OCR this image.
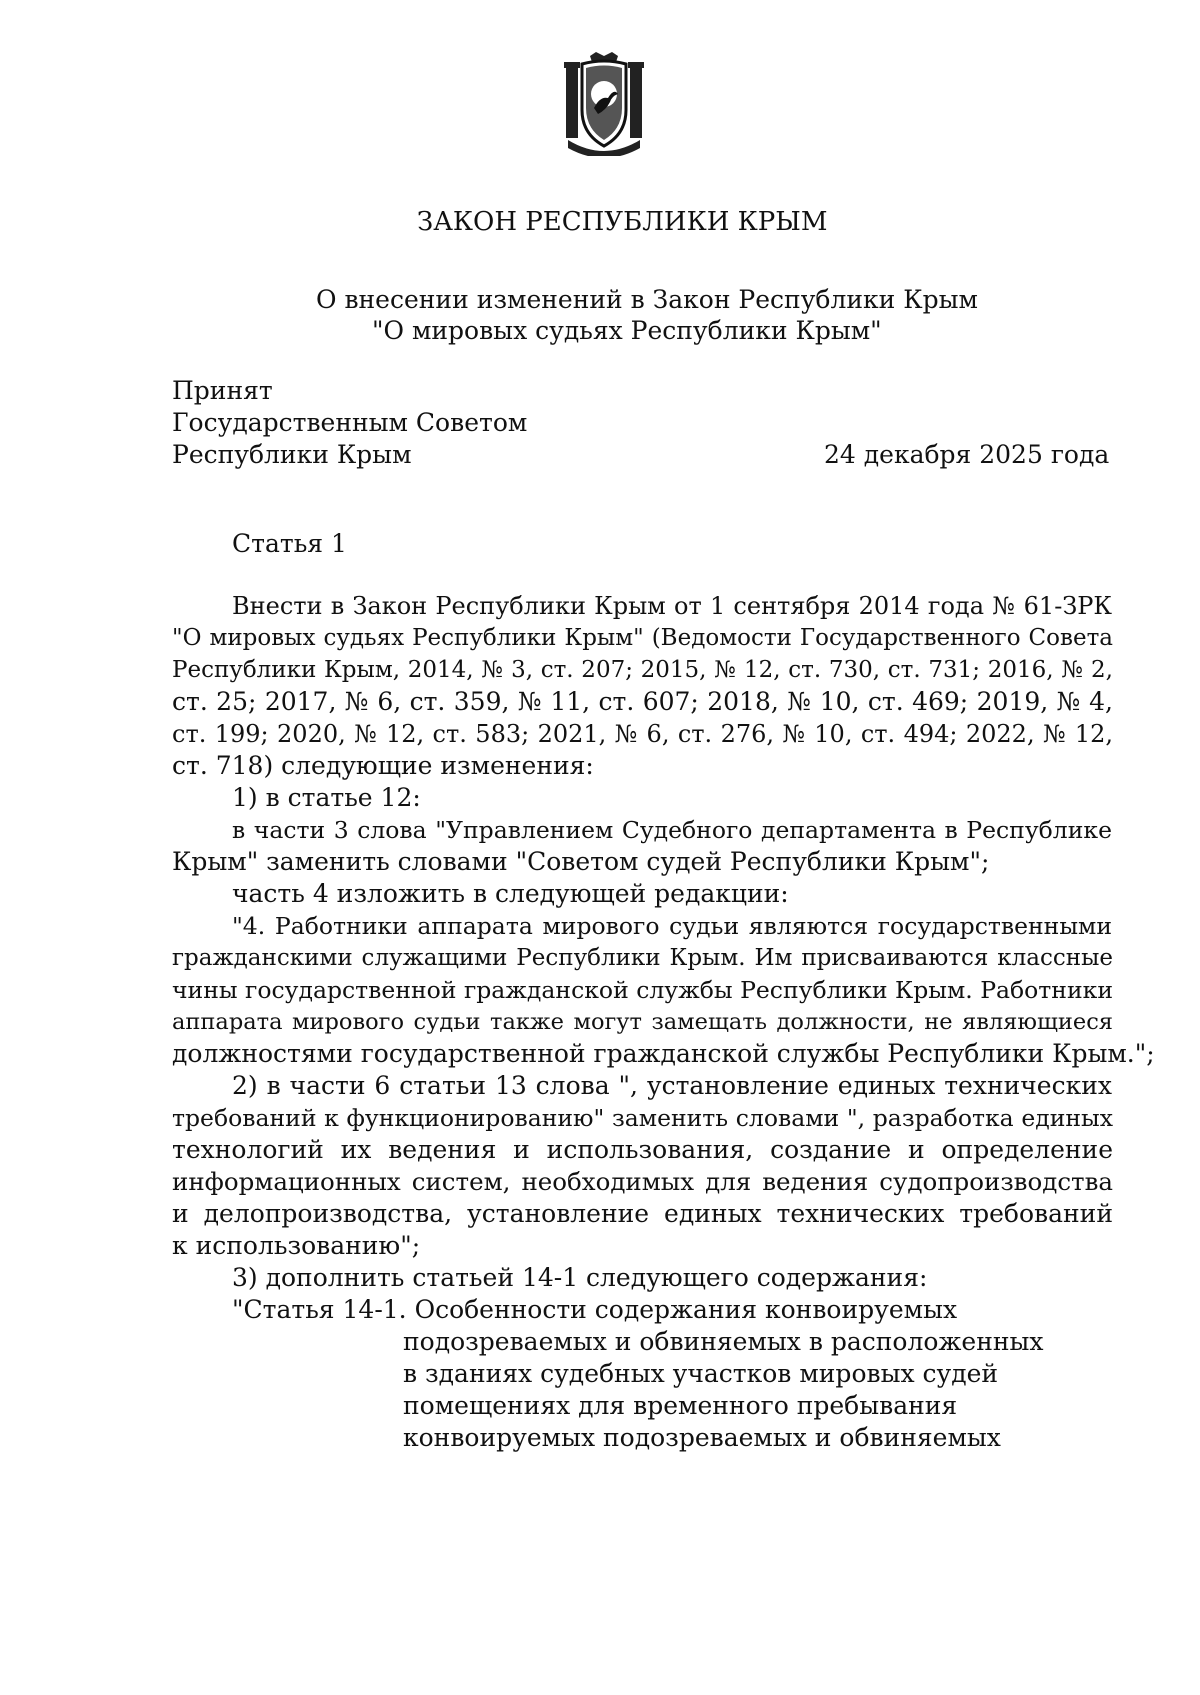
ЗАКОН РЕСПУБЛИКИ КРЫМ
О внесении изменений в Закон Республики Крым
"О мировых судьях Республики Крым"
Принят
Государственным Советом
Республики Крым	24 декабря 2025 года
Статья 1
Внести в Закон Республики Крым от 1 сентября 2014 года № 61-ЗРК
"О мировых судьях Республики Крым" (Ведомости Государственного Совета
Республики Крым, 2014, № 3, ст. 207; 2015, № 12, ст. 730, ст. 731; 2016, № 2,
ст. 25; 2017, № 6, ст. 359, № 11, ст. 607; 2018, № 10, ст. 469; 2019, № 4,
ст. 199; 2020, № 12, ст. 583; 2021, № 6, ст. 276, № 10, ст. 494; 2022, № 12,
ст. 718) следующие изменения:
1) в статье 12:
в части 3 слова "Управлением Судебного департамента в Республике
Крым" заменить словами "Советом судей Республики Крым";
часть 4 изложить в следующей редакции:
"4. Работники аппарата мирового судьи являются государственными
гражданскими служащими Республики Крым. Им присваиваются классные
чины государственной гражданской службы Республики Крым. Работники
аппарата мирового судьи также могут замещать должности, не являющиеся
должностями государственной гражданской службы Республики Крым.";
2) в части 6 статьи 13 слова ", установление единых технических
требований к функционированию" заменить словами ", разработка единых
технологий их ведения и использования, создание и определение
информационных систем, необходимых для ведения судопроизводства
и делопроизводства, установление единых технических требований
к использованию";
3) дополнить статьей 14-1 следующего содержания:
"Статья 14-1. Особенности содержания конвоируемых
подозреваемых и обвиняемых в расположенных
в зданиях судебных участков мировых судей
помещениях для временного пребывания
конвоируемых подозреваемых и обвиняемых
